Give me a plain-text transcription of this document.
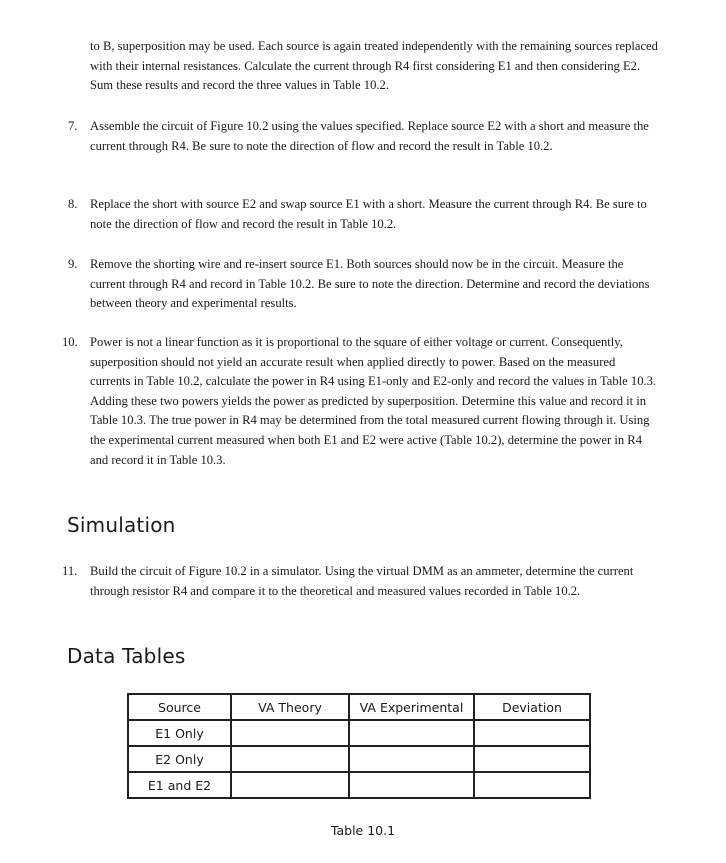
to B, superposition may be used. Each source is again treated independently with the remaining sources replaced with their internal resistances. Calculate the current through R4 first considering E1 and then considering E2. Sum these results and record the three values in Table 10.2.

7. Assemble the circuit of Figure 10.2 using the values specified. Replace source E2 with a short and measure the current through R4. Be sure to note the direction of flow and record the result in Table 10.2.

8. Replace the short with source E2 and swap source E1 with a short. Measure the current through R4. Be sure to note the direction of flow and record the result in Table 10.2.

9. Remove the shorting wire and re-insert source E1. Both sources should now be in the circuit. Measure the current through R4 and record in Table 10.2. Be sure to note the direction. Determine and record the deviations between theory and experimental results.

10. Power is not a linear function as it is proportional to the square of either voltage or current. Consequently, superposition should not yield an accurate result when applied directly to power. Based on the measured currents in Table 10.2, calculate the power in R4 using E1-only and E2-only and record the values in Table 10.3. Adding these two powers yields the power as predicted by superposition. Determine this value and record it in Table 10.3. The true power in R4 may be determined from the total measured current flowing through it. Using the experimental current measured when both E1 and E2 were active (Table 10.2), determine the power in R4 and record it in Table 10.3.

Simulation
11. Build the circuit of Figure 10.2 in a simulator. Using the virtual DMM as an ammeter, determine the current through resistor R4 and compare it to the theoretical and measured values recorded in Table 10.2.

Data Tables
Source	VA Theory	VA Experimental	Deviation
E1 Only			
E2 Only			
E1 and E2			
Table 10.1
